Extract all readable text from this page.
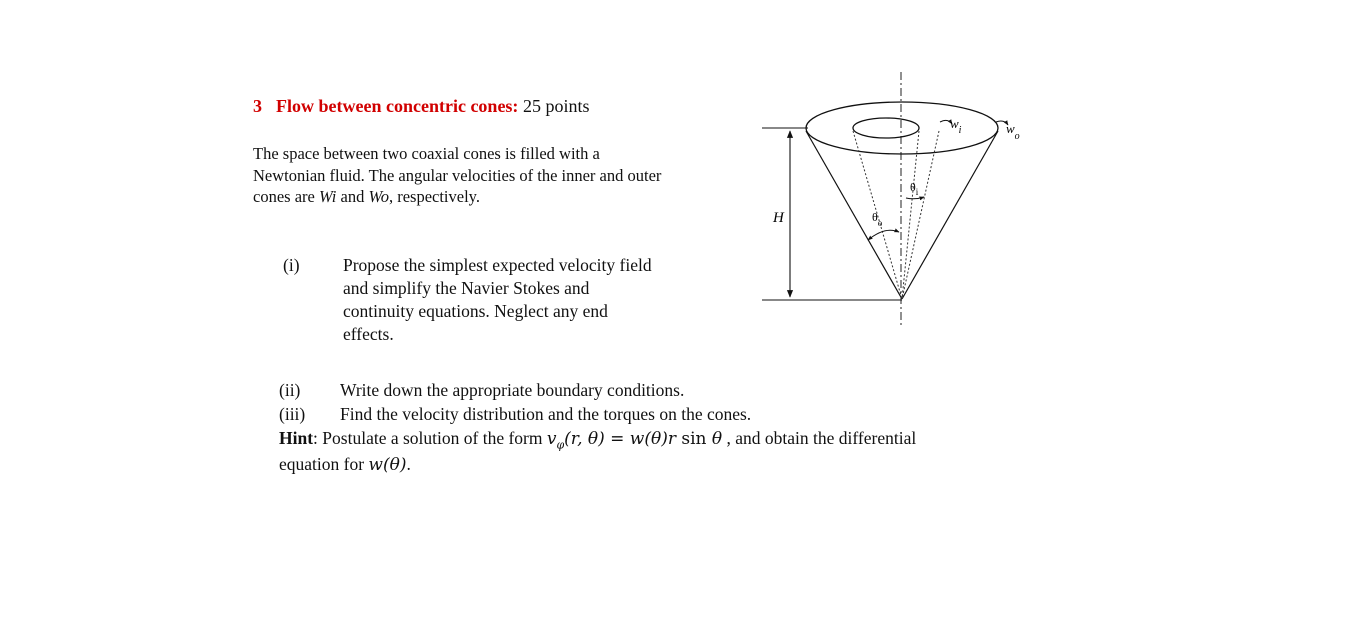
3 Flow between concentric cones: 25 points
The space between two coaxial cones is filled with a
Newtonian fluid. The angular velocities of the inner and outer
cones are Wi and Wo, respectively.
(i) Propose the simplest expected velocity field
and simplify the Navier Stokes and
continuity equations. Neglect any end
effects.
(ii) Write down the appropriate boundary conditions.
(iii) Find the velocity distribution and the torques on the cones.
Hint: Postulate a solution of the form $v_\varphi(r$, θ) = w(θ)r sin θ , and obtain the differential
equation for w(θ).
H
$w_i$	$w_o$
$\theta_i$
$\theta_o$
